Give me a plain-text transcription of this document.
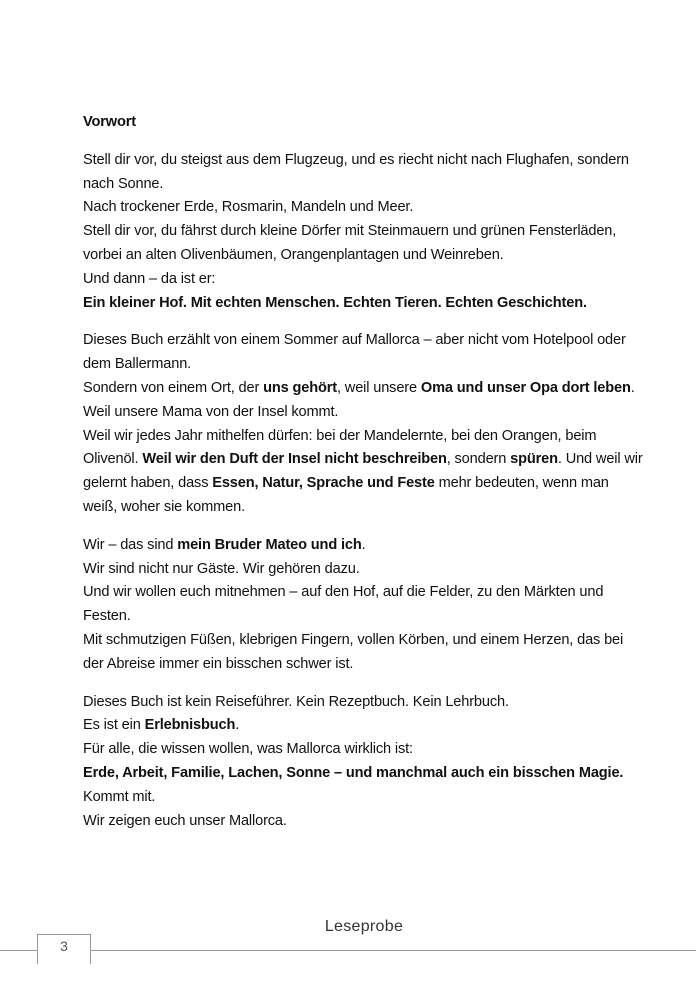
Vorwort

Stell dir vor, du steigst aus dem Flugzeug, und es riecht nicht nach Flughafen, sondern nach Sonne.

Nach trockener Erde, Rosmarin, Mandeln und Meer.

Stell dir vor, du fährst durch kleine Dörfer mit Steinmauern und grünen Fensterläden, vorbei an alten Olivenbäumen, Orangenplantagen und Weinreben.

Und dann – da ist er:

Ein kleiner Hof. Mit echten Menschen. Echten Tieren. Echten Geschichten.

Dieses Buch erzählt von einem Sommer auf Mallorca – aber nicht vom Hotelpool oder dem Ballermann.

Sondern von einem Ort, der uns gehört, weil unsere Oma und unser Opa dort leben.

Weil unsere Mama von der Insel kommt.

Weil wir jedes Jahr mithelfen dürfen: bei der Mandelernte, bei den Orangen, beim Olivenöl. Weil wir den Duft der Insel nicht beschreiben, sondern spüren. Und weil wir gelernt haben, dass Essen, Natur, Sprache und Feste mehr bedeuten, wenn man weiß, woher sie kommen.

Wir – das sind mein Bruder Mateo und ich.

Wir sind nicht nur Gäste. Wir gehören dazu.

Und wir wollen euch mitnehmen – auf den Hof, auf die Felder, zu den Märkten und Festen.

Mit schmutzigen Füßen, klebrigen Fingern, vollen Körben, und einem Herzen, das bei der Abreise immer ein bisschen schwer ist.

Dieses Buch ist kein Reiseführer. Kein Rezeptbuch. Kein Lehrbuch.

Es ist ein Erlebnisbuch.

Für alle, die wissen wollen, was Mallorca wirklich ist:

Erde, Arbeit, Familie, Lachen, Sonne – und manchmal auch ein bisschen Magie. Kommt mit.

Wir zeigen euch unser Mallorca.

Leseprobe
3
